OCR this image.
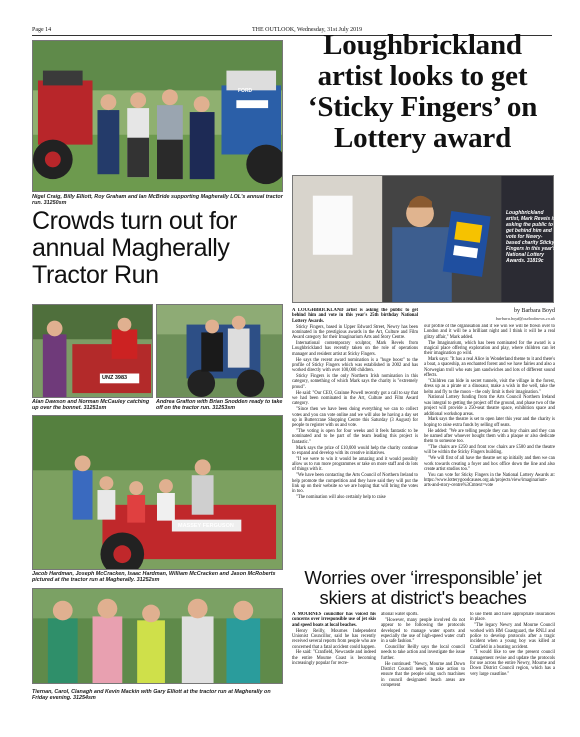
Page 14	THE OUTLOOK, Wednesday, 31st July 2019
FORD
Nigel Craig, Billy Elliott, Roy Graham and Ian McBride supporting Magherally LOL's annual tractor run. 31250sm
Loughbrickland artist looks to get ‘Sticky Fingers’ on Lottery award
Loughbrickland artist, Mark Reveis is asking the public to get behind him and vote for Newry-based charity Sticky Fingers in this year's National Lottery Awards. 31819c
by Barbara Boyd
barbara.boyd@outlooknews.co.uk
Crowds turn out for annual Magherally Tractor Run
UNZ 3983
Alan Dawson and Norman McCauley catching up over the bonnet. 31251sm
Andrea Grafton with Brian Snodden ready to take off on the tractor run. 31253sm
MASSEY FERGUSON
Jacob Hardman, Joseph McCracken, Isaac Hardman, William McCracken and Jason McRoberts pictured at the tractor run at Magherally. 31252sm
Tiernan, Carol, Clanagh and Kevin Mackin with Gary Elliott at the tractor run at Magherally on Friday evening. 31254sm

A LOUGHBRICKLAND artist is asking the public to get behind him and vote in this year's 25th birthday National Lottery Awards.

Sticky Fingers, based in Upper Edward Street, Newry has been nominated in the prestigious awards in the Art, Culture and Film Award category for their Imaginarium Arts and Story Centre.

International contemporary sculptor, Mark Revels from Loughbrickland has recently taken on the role of operations manager and resident artist at Sticky Fingers.

He says the recent award nomination is a "huge boost" to the profile of Sticky Fingers which was established in 2002 and has worked directly with over 100,000 children.

Sticky Fingers is the only Northern Irish nomination in this category, something of which Mark says the charity is "extremely proud".

He said: "Our CEO, Grainne Powell recently got a call to say that we had been nominated in the Art, Culture and Film Award category.

"Since then we have been doing everything we can to collect votes and you can vote online and we will also be having a day set up in Buttercrane Shopping Centre this Saturday (3 August) for people to register with us and vote.

"The voting is open for four weeks and it feels fantastic to be nominated and to be part of the team leading this project is fantastic."

Mark says the prize of £10,000 would help the charity continue to expand and develop with its creative initiatives.

"If we were to win it would be amazing and it would possibly allow us to run more programmes or take on more staff and do lots of things with it.

"We have been contacting the Arts Council of Northern Ireland to help promote the competition and they have said they will put the link up on their website so we are hoping that will bring the votes in too.

"The nomination will also certainly help to raise

our profile of the organisation and if we win we will be flown over to London and it will be a brilliant night and I think it will be a real glitzy affair," Mark added.

The Imaginarium, which has been nominated for the award is a magical place offering exploration and play, where children can let their imagination go wild.

Mark says: "It has a real Alice in Wonderland theme to it and there's a boat, a spaceship, an enchanted forest and we have fairies and also a Norwegian troll who eats jam sandwiches and lots of different sound effects.

"Children can hide in secret tunnels, visit the village in the forest, dress up as a pirate or a dinosaur, make a wish in the well, take the helm and fly to the moon – the only limit is their imagination."

National Lottery funding from the Arts Council Northern Ireland was integral to getting the project off the ground, and phase two of the project will provide a 250-seat theatre space, exhibition space and additional workshop areas.

Mark says the theatre is set to open later this year and the charity is hoping to raise extra funds by selling off seats.

He added: "We are telling people they can buy chairs and they can be named after whoever bought them with a plaque or also dedicate them to someone too.

"The chairs are £250 and front row chairs are £500 and the theatre will be within the Sticky Fingers building.

"We will first of all have the theatre set up initially and then we can work towards creating a foyer and box office down the line and also create artist studios too."

You can vote for Sticky Fingers in the National Lottery Awards at: https://www.lotterygoodcauses.org.uk/projects/view/imaginarium-arts-and-story-centre%3Cmtext=vote

Worries over ‘irresponsible’ jet skiers at district's beaches

A MOURNES councillor has voiced his concerns over irresponsible use of jet skis and speed boats at local beaches.

Henry Reilly, Mournes Independent Unionist Councillor, said he has recently received several reports from people who are concerned that a fatal accident could happen.

He said: "Cranfield, Newcastle and indeed the entire Mourne Coast is becoming increasingly popular for recre-

ational water sports.

"However, many people involved do not appear to be following the protocols developed to manage water sports and especially the use of high-speed water craft in a safe fashion."

Councillor Reilly says the local council needs to take action and investigate the issue further.

He continued: "Newry, Mourne and Down District Council needs to take action to ensure that the people using such machines in council designated beach areas are competent

to use them and have appropriate insurances in place.

"The legacy Newry and Mourne Council worked with HM Coastguard, the RNLI and police to develop protocols after a tragic incident when a young boy was killed at Cranfield in a boating accident.

"I would like to see the present council management revise and update the protocols for use across the entire Newry, Mourne and Down District Council region, which has a very large coastline."
